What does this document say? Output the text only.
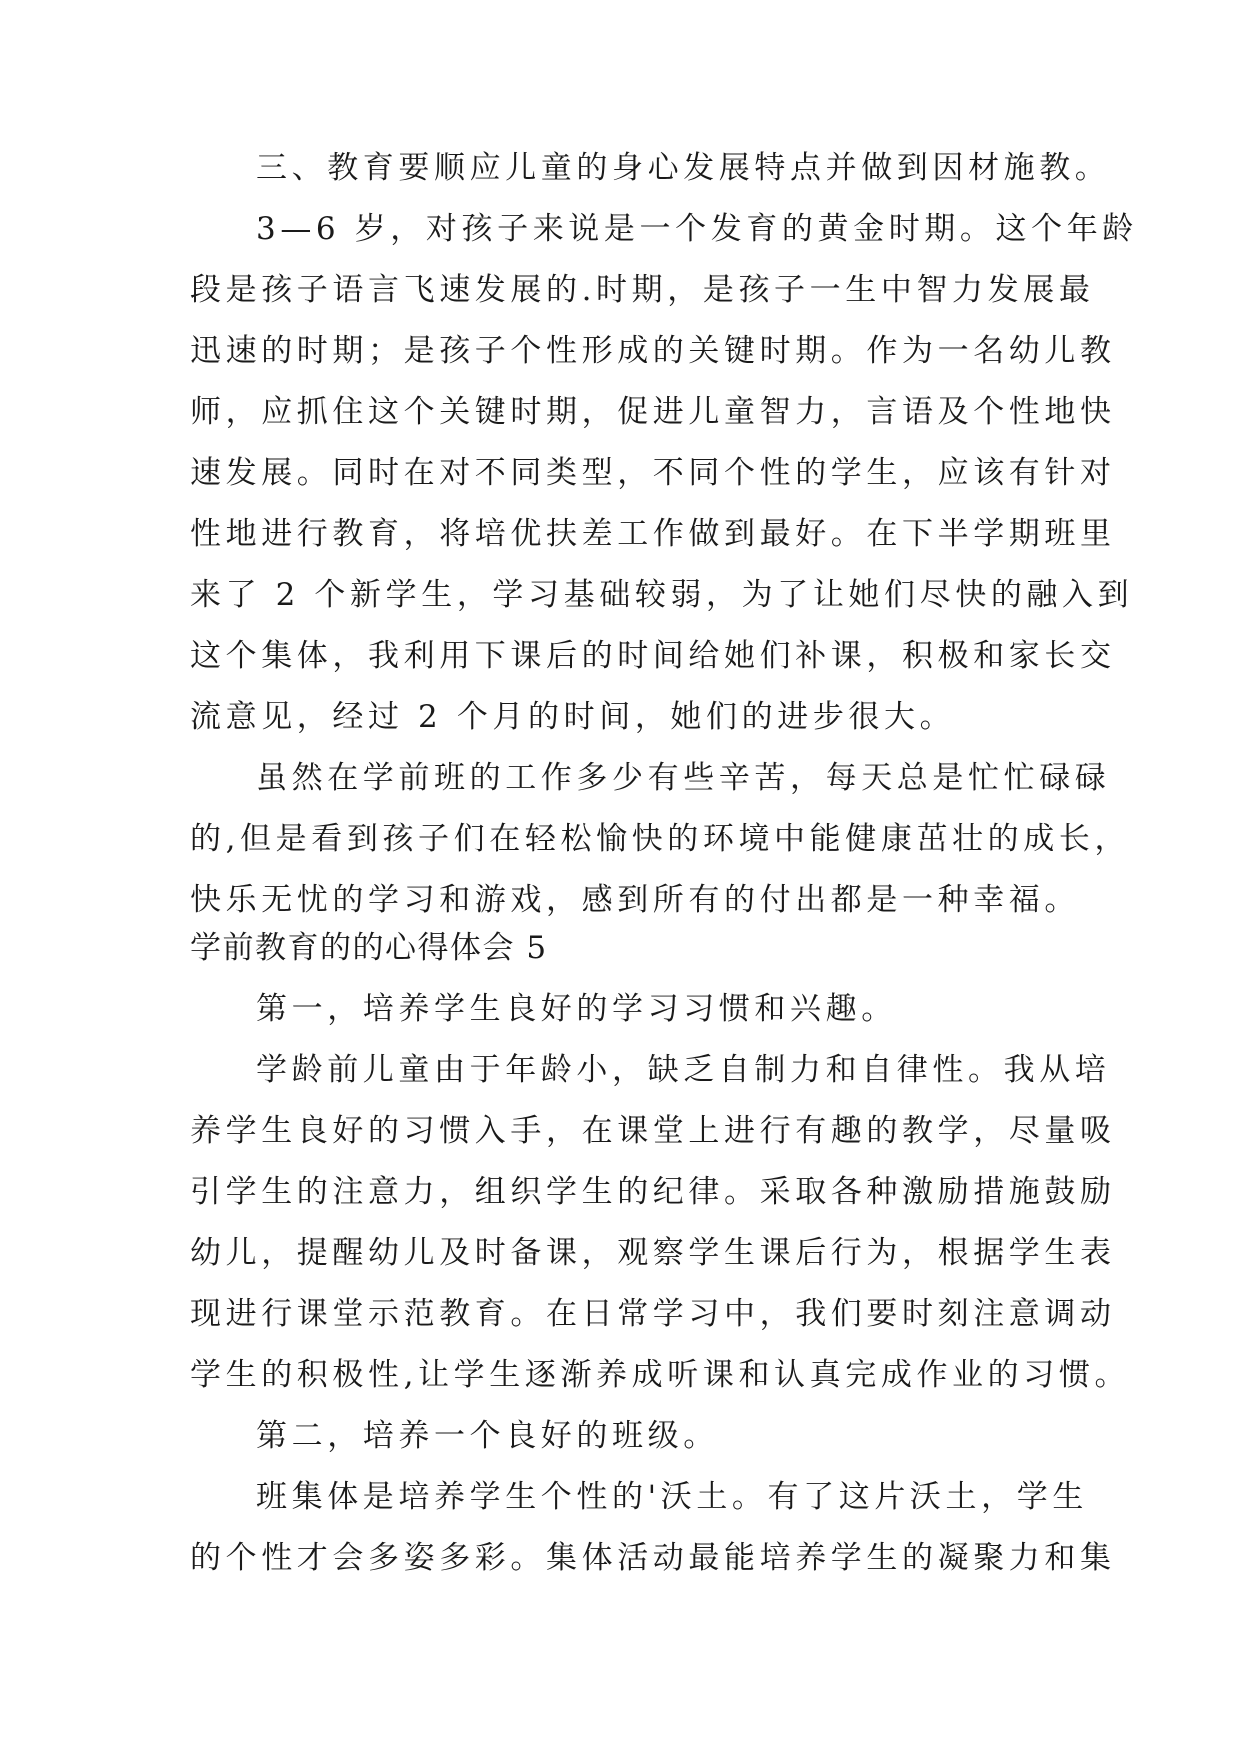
三、教育要顺应儿童的身心发展特点并做到因材施教。
3—6 岁，对孩子来说是一个发育的黄金时期。这个年龄
段是孩子语言飞速发展的.时期，是孩子一生中智力发展最
迅速的时期；是孩子个性形成的关键时期。作为一名幼儿教
师，应抓住这个关键时期，促进儿童智力，言语及个性地快
速发展。同时在对不同类型，不同个性的学生，应该有针对
性地进行教育，将培优扶差工作做到最好。在下半学期班里
来了 2 个新学生，学习基础较弱，为了让她们尽快的融入到
这个集体，我利用下课后的时间给她们补课，积极和家长交
流意见，经过 2 个月的时间，她们的进步很大。
虽然在学前班的工作多少有些辛苦，每天总是忙忙碌碌
的,但是看到孩子们在轻松愉快的环境中能健康茁壮的成长，
快乐无忧的学习和游戏，感到所有的付出都是一种幸福。
学前教育的的心得体会 5
第一，培养学生良好的学习习惯和兴趣。
学龄前儿童由于年龄小，缺乏自制力和自律性。我从培
养学生良好的习惯入手，在课堂上进行有趣的教学，尽量吸
引学生的注意力，组织学生的纪律。采取各种激励措施鼓励
幼儿，提醒幼儿及时备课，观察学生课后行为，根据学生表
现进行课堂示范教育。在日常学习中，我们要时刻注意调动
学生的积极性,让学生逐渐养成听课和认真完成作业的习惯。
第二，培养一个良好的班级。
班集体是培养学生个性的'沃土。有了这片沃土，学生
的个性才会多姿多彩。集体活动最能培养学生的凝聚力和集
